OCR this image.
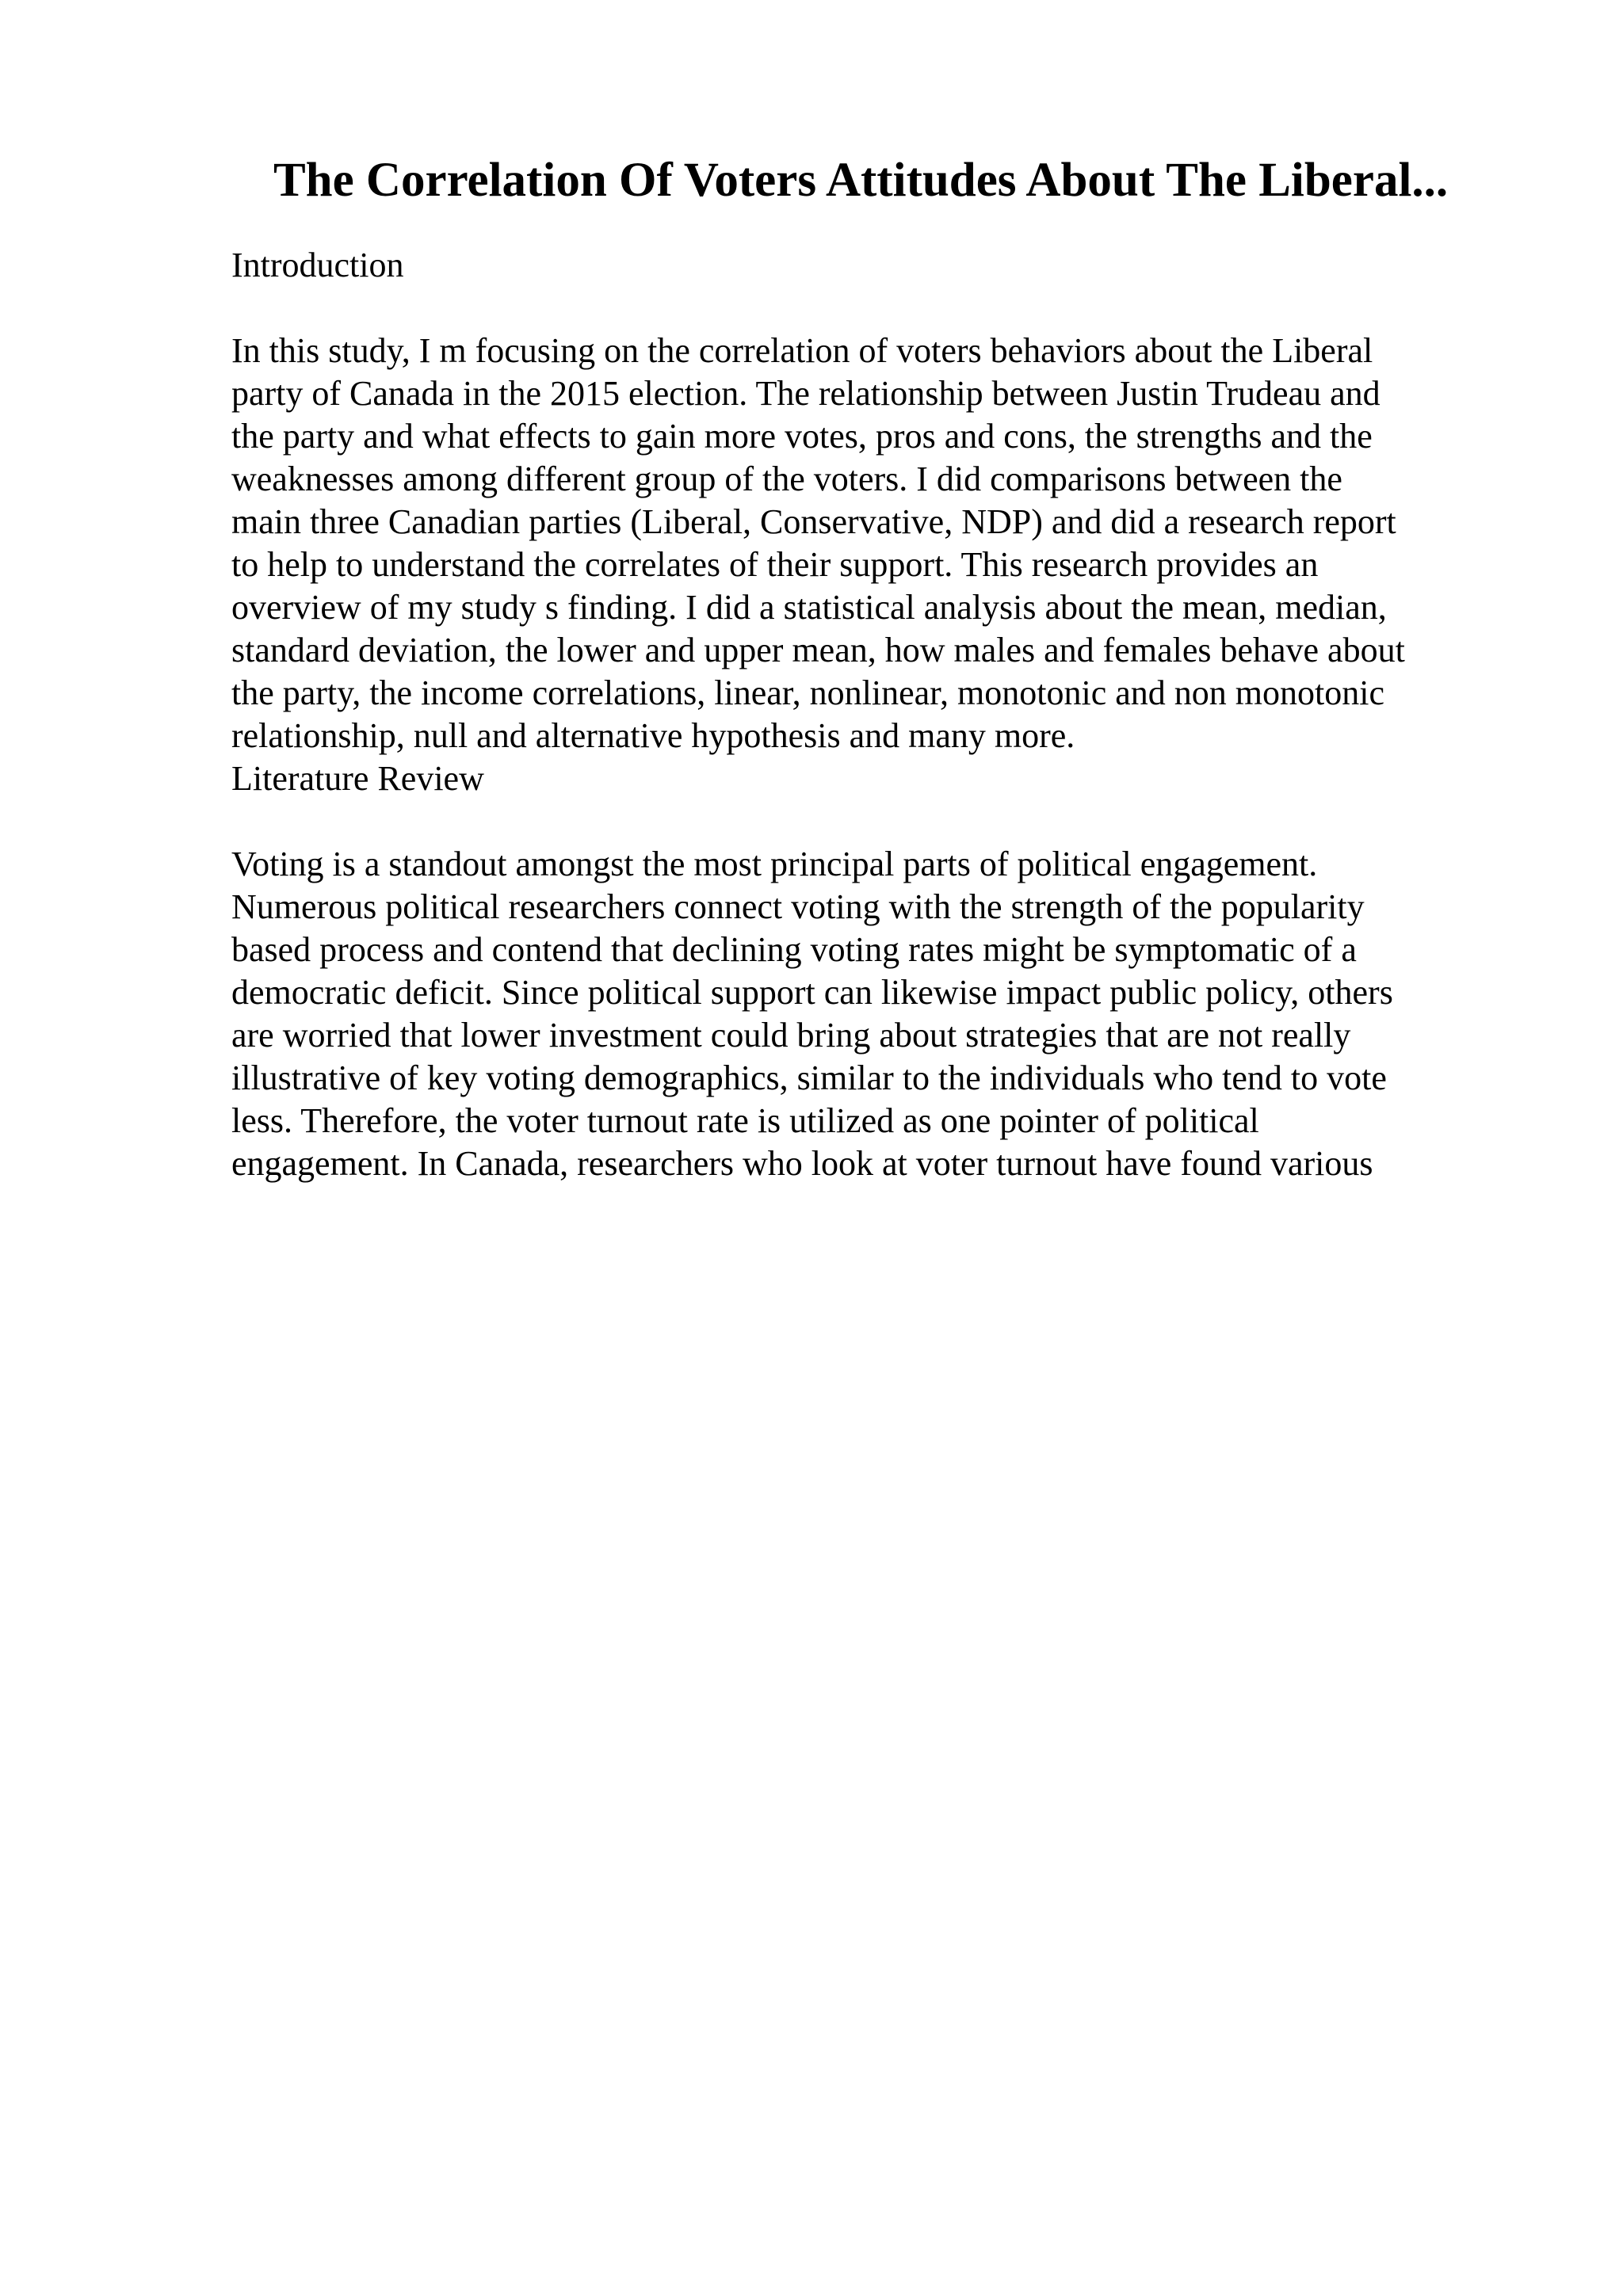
The Correlation Of Voters Attitudes About The Liberal...
Introduction

In this study, I m focusing on the correlation of voters behaviors about the Liberal
party of Canada in the 2015 election. The relationship between Justin Trudeau and
the party and what effects to gain more votes, pros and cons, the strengths and the
weaknesses among different group of the voters. I did comparisons between the
main three Canadian parties (Liberal, Conservative, NDP) and did a research report
to help to understand the correlates of their support. This research provides an
overview of my study s finding. I did a statistical analysis about the mean, median,
standard deviation, the lower and upper mean, how males and females behave about
the party, the income correlations, linear, nonlinear, monotonic and non monotonic
relationship, null and alternative hypothesis and many more.

Literature Review

Voting is a standout amongst the most principal parts of political engagement.
Numerous political researchers connect voting with the strength of the popularity
based process and contend that declining voting rates might be symptomatic of a
democratic deficit. Since political support can likewise impact public policy, others
are worried that lower investment could bring about strategies that are not really
illustrative of key voting demographics, similar to the individuals who tend to vote
less. Therefore, the voter turnout rate is utilized as one pointer of political
engagement. In Canada, researchers who look at voter turnout have found various
